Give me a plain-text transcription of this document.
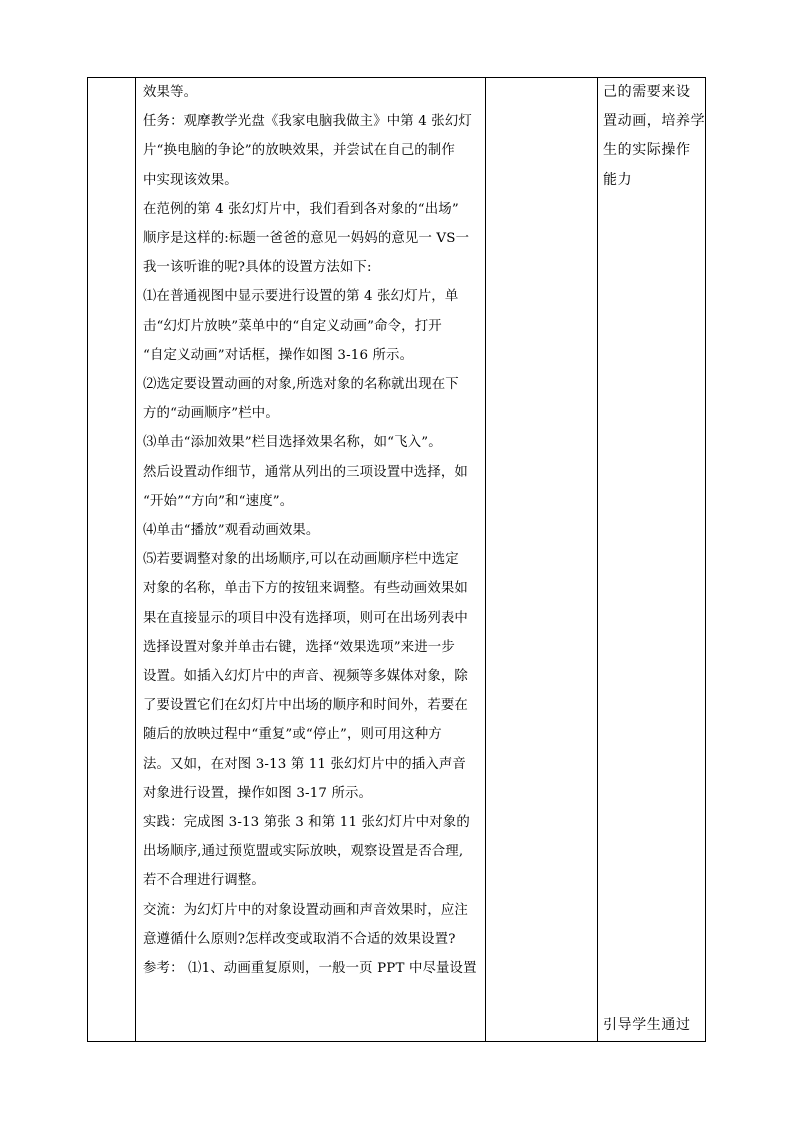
效果等。

任务：观摩教学光盘《我家电脑我做主》中第 4 张幻灯

片“换电脑的争论”的放映效果，并尝试在自己的制作

中实现该效果。

在范例的第 4 张幻灯片中，我们看到各对象的“出场”

顺序是这样的:标题一爸爸的意见一妈妈的意见一 VS一

我一该听谁的呢?具体的设置方法如下:

⑴在普通视图中显示要进行设置的第 4 张幻灯片，单

击“幻灯片放映”菜单中的“自定义动画”命令，打开

“自定义动画”对话框，操作如图 3-16 所示。

⑵选定要设置动画的对象,所选对象的名称就出现在下

方的“动画顺序”栏中。

⑶单击“添加效果”栏目选择效果名称，如“飞入”。

然后设置动作细节，通常从列出的三项设置中选择，如

“开始”“方向”和“速度”。

⑷单击“播放”观看动画效果。

⑸若要调整对象的出场顺序,可以在动画顺序栏中选定

对象的名称，单击下方的按钮来调整。有些动画效果如

果在直接显示的项目中没有选择项，则可在出场列表中

选择设置对象并单击右键，选择“效果选项”来进一步

设置。如插入幻灯片中的声音、视频等多媒体对象，除

了要设置它们在幻灯片中出场的顺序和时间外，若要在

随后的放映过程中“重复”或“停止”，则可用这种方

法。又如，在对图 3-13 第 11 张幻灯片中的插入声音

对象进行设置，操作如图 3-17 所示。

实践：完成图 3-13 第张 3 和第 11 张幻灯片中对象的

出场顺序,通过预览盟或实际放映，观察设置是否合理,

若不合理进行调整。

交流：为幻灯片中的对象设置动画和声音效果时，应注

意遵循什么原则?怎样改变或取消不合适的效果设置?

参考： ⑴1、动画重复原则，一般一页 PPT 中尽量设置

己的需要来设

置动画，培养学

生的实际操作

能力

引导学生通过
